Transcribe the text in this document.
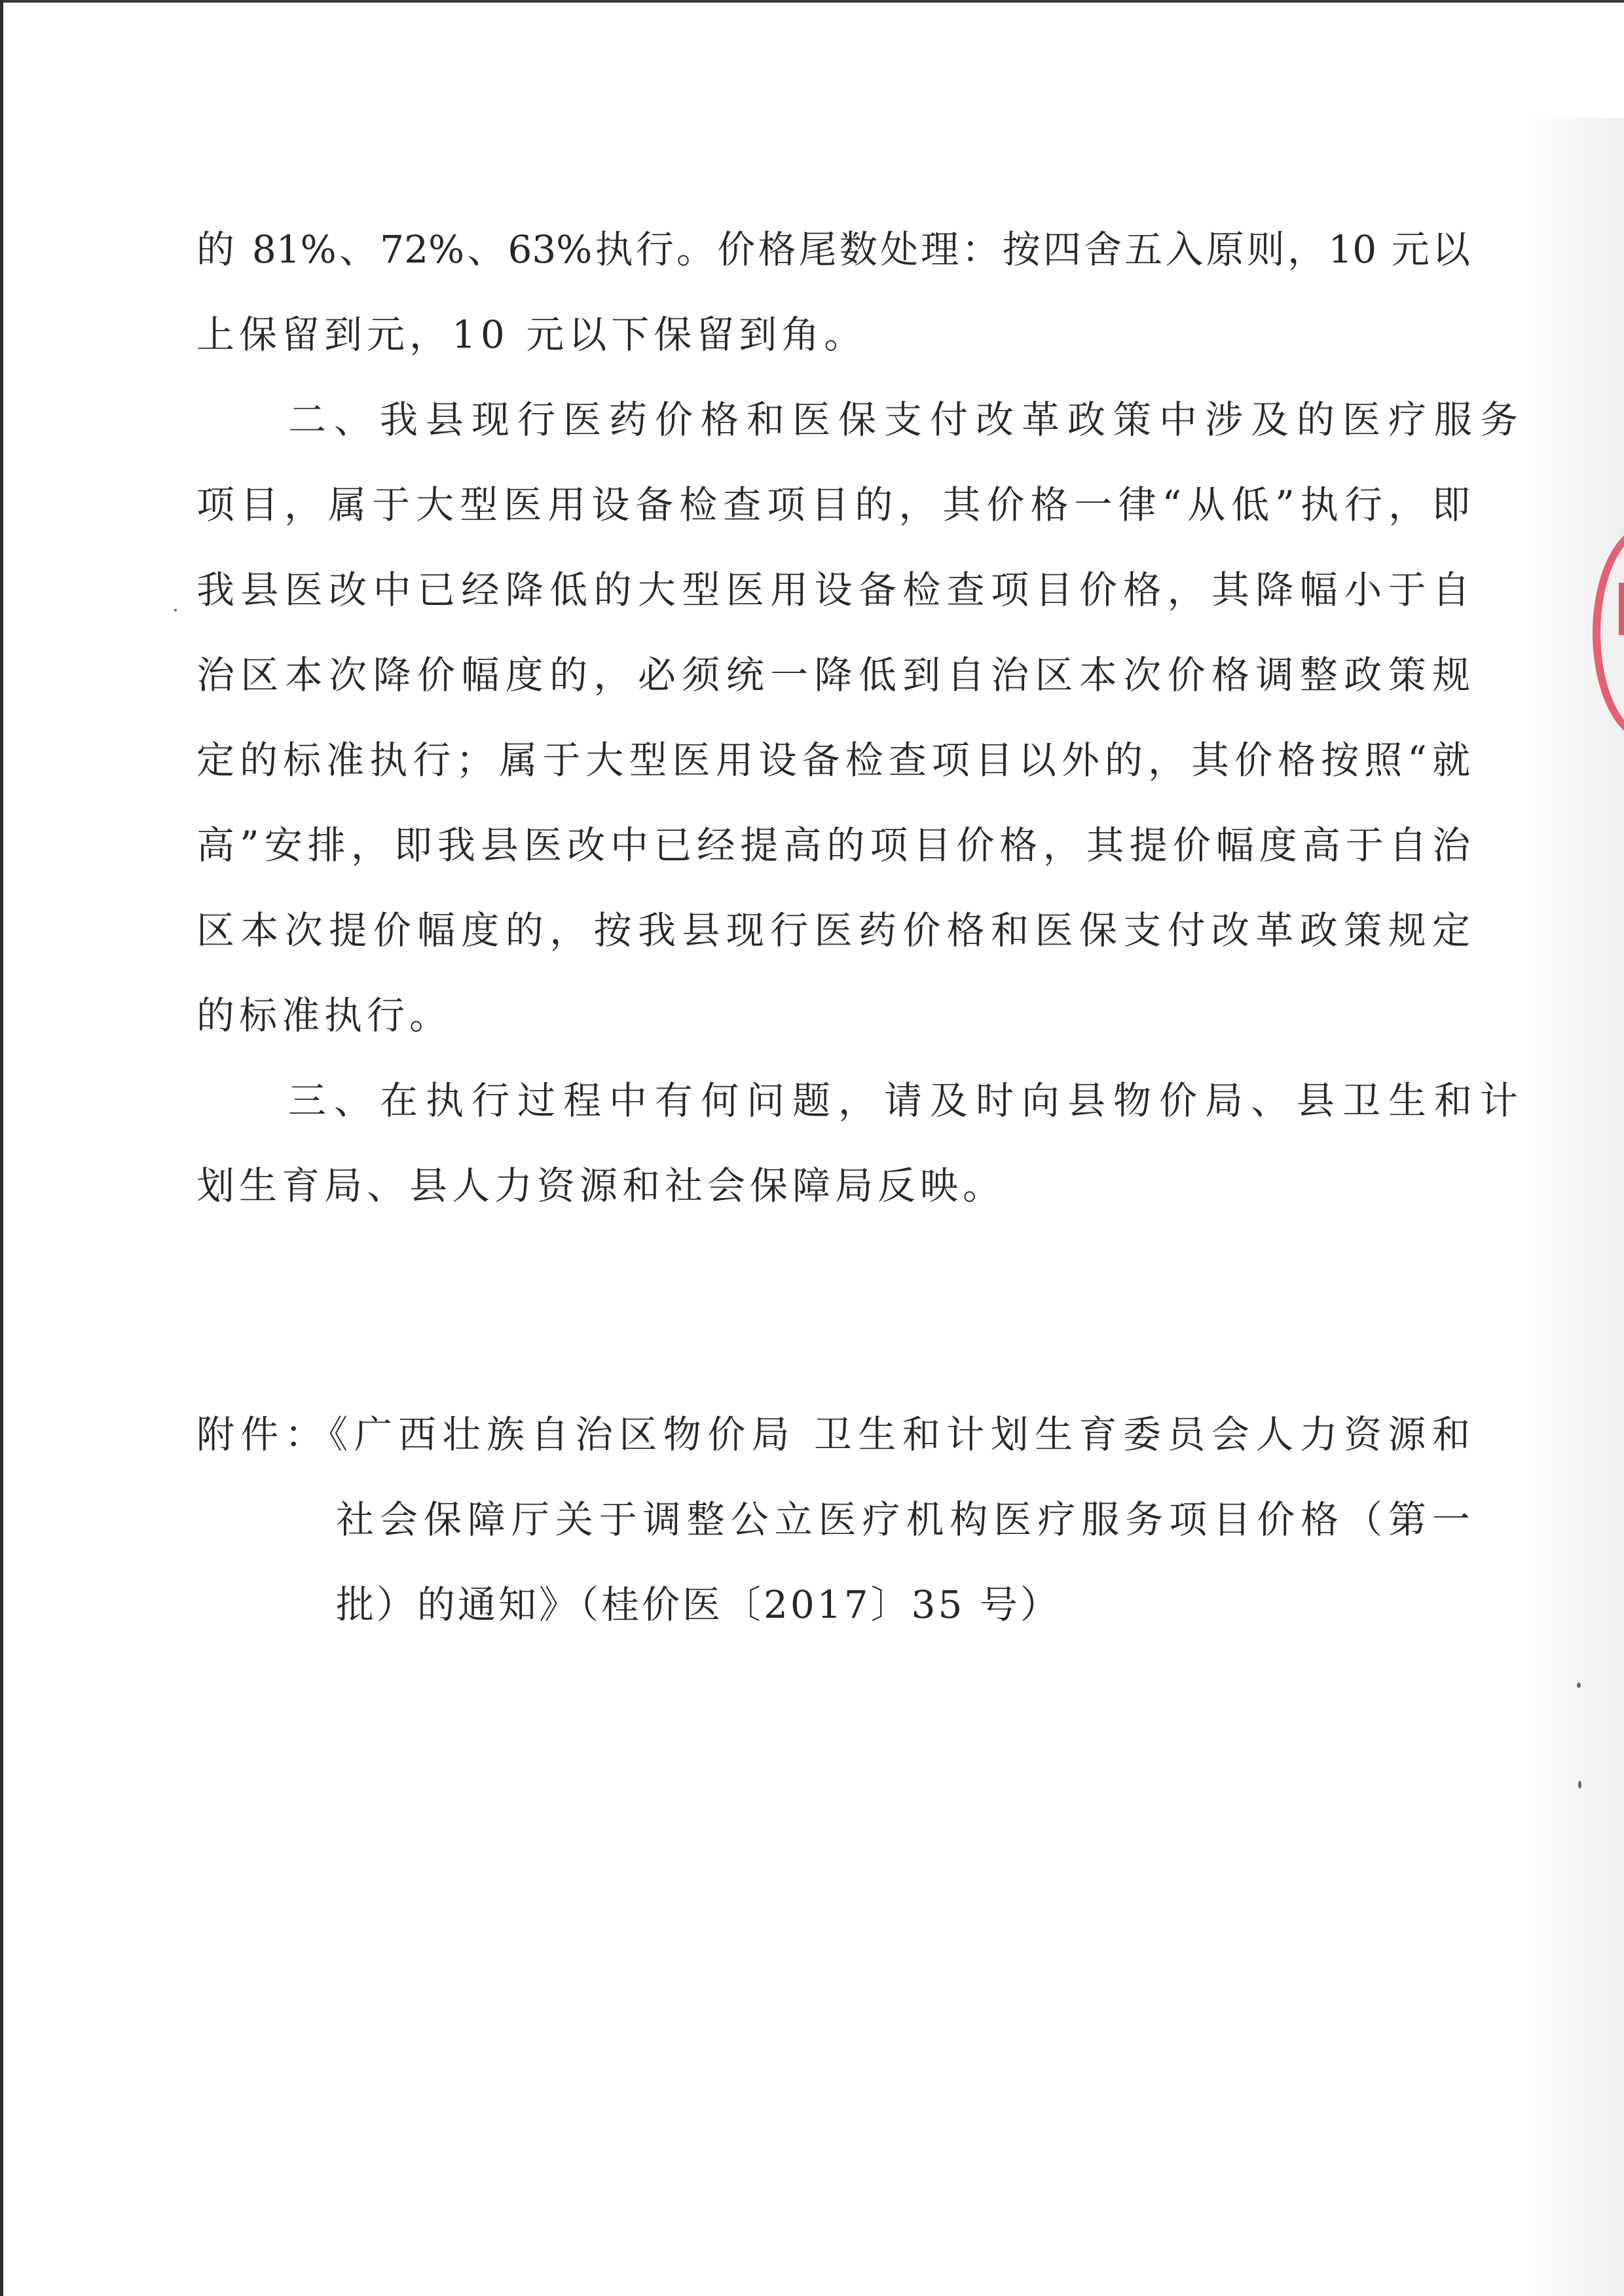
的 81%、72%、63%执行。价格尾数处理：按四舍五入原则，10 元以
上保留到元，10 元以下保留到角。
二、我县现行医药价格和医保支付改革政策中涉及的医疗服务
项目，属于大型医用设备检查项目的，其价格一律“从低”执行，即
我县医改中已经降低的大型医用设备检查项目价格，其降幅小于自
治区本次降价幅度的，必须统一降低到自治区本次价格调整政策规
定的标准执行；属于大型医用设备检查项目以外的，其价格按照“就
高”安排，即我县医改中已经提高的项目价格，其提价幅度高于自治
区本次提价幅度的，按我县现行医药价格和医保支付改革政策规定
的标准执行。
三、在执行过程中有何问题，请及时向县物价局、县卫生和计
划生育局、县人力资源和社会保障局反映。
附件：《广西壮族自治区物价局 卫生和计划生育委员会人力资源和
社会保障厅关于调整公立医疗机构医疗服务项目价格（第一
批）的通知》（桂价医〔2017〕35 号）
